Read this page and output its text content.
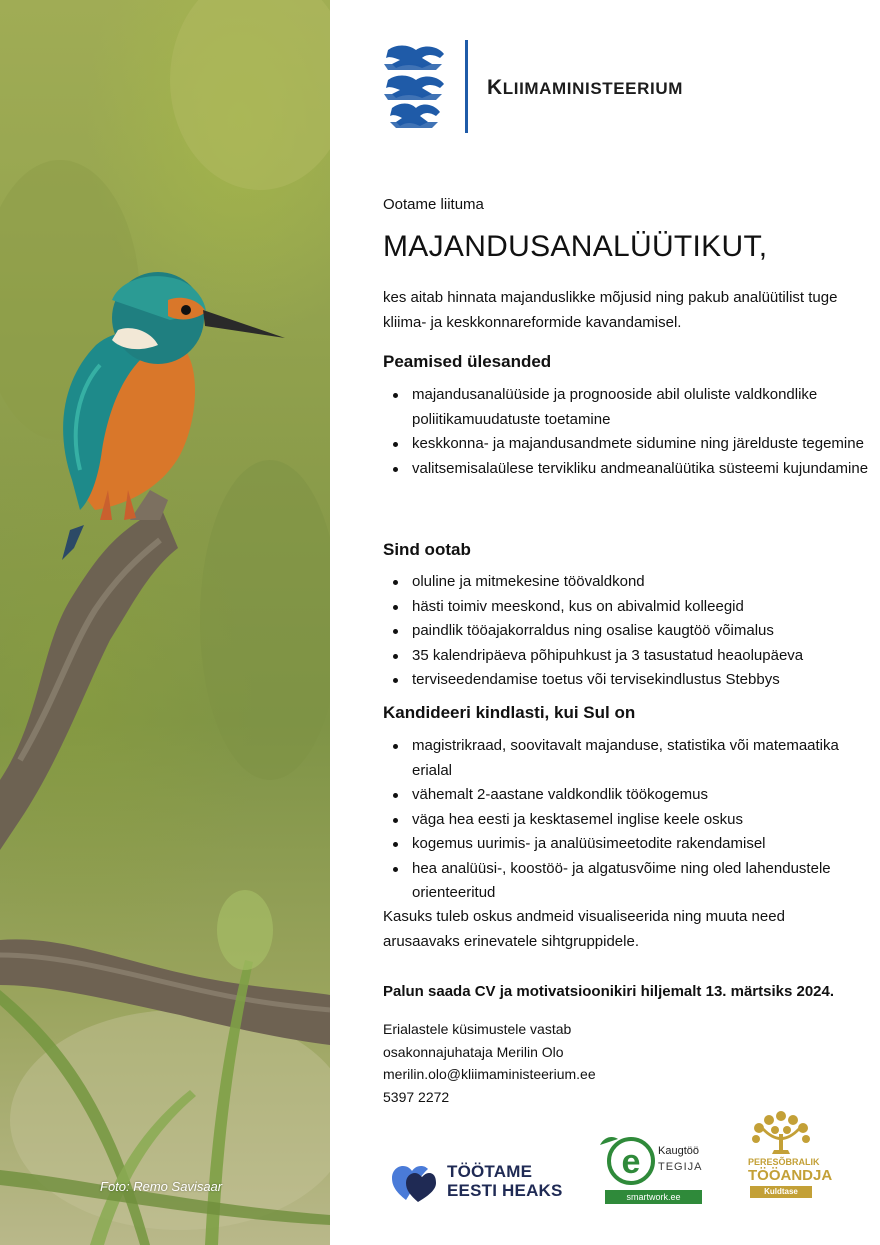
Foto: Remo Savisaar
KLIIMAMINISTEERIUM
Ootame liituma
MAJANDUSANALÜÜTIKUT,
kes aitab hinnata majanduslikke mõjusid ning pakub analüütilist tuge kliima- ja keskkonnareformide kavandamisel.
Peamised ülesanded
majandusanalüüside ja prognooside abil oluliste valdkondlike poliitikamuudatuste toetamine
keskkonna- ja majandusandmete sidumine ning järelduste tegemine
valitsemisalaülese tervikliku andmeanalüütika süsteemi kujundamine
Sind ootab
oluline ja mitmekesine töövaldkond
hästi toimiv meeskond, kus on abivalmid kolleegid
paindlik tööajakorraldus ning osalise kaugtöö võimalus
35 kalendripäeva põhipuhkust ja 3 tasustatud heaolupäeva
terviseedendamise toetus või tervisekindlustus Stebbys
Kandideeri kindlasti, kui Sul on
magistrikraad, soovitavalt majanduse, statistika või matemaatika erialal
vähemalt 2-aastane valdkondlik töökogemus
väga hea eesti ja kesktasemel inglise keele oskus
kogemus uurimis- ja analüüsimeetodite rakendamisel
hea analüüsi-, koostöö- ja algatusvõime ning oled lahendustele orienteeritud
Kasuks tuleb oskus andmeid visualiseerida ning muuta need arusaavaks erinevatele sihtgruppidele.
Palun saada CV ja motivatsioonikiri hiljemalt 13. märtsiks 2024.
Erialastele küsimustele vastab
osakonnajuhataja Merilin Olo
merilin.olo@kliimaministeerium.ee
5397 2272
TÖÖTAME
EESTI HEAKS
e Kaugtöö
TEGIJA
smartwork.ee
PERESÕBRALIK
TÖÖANDJA
Kuldtase
